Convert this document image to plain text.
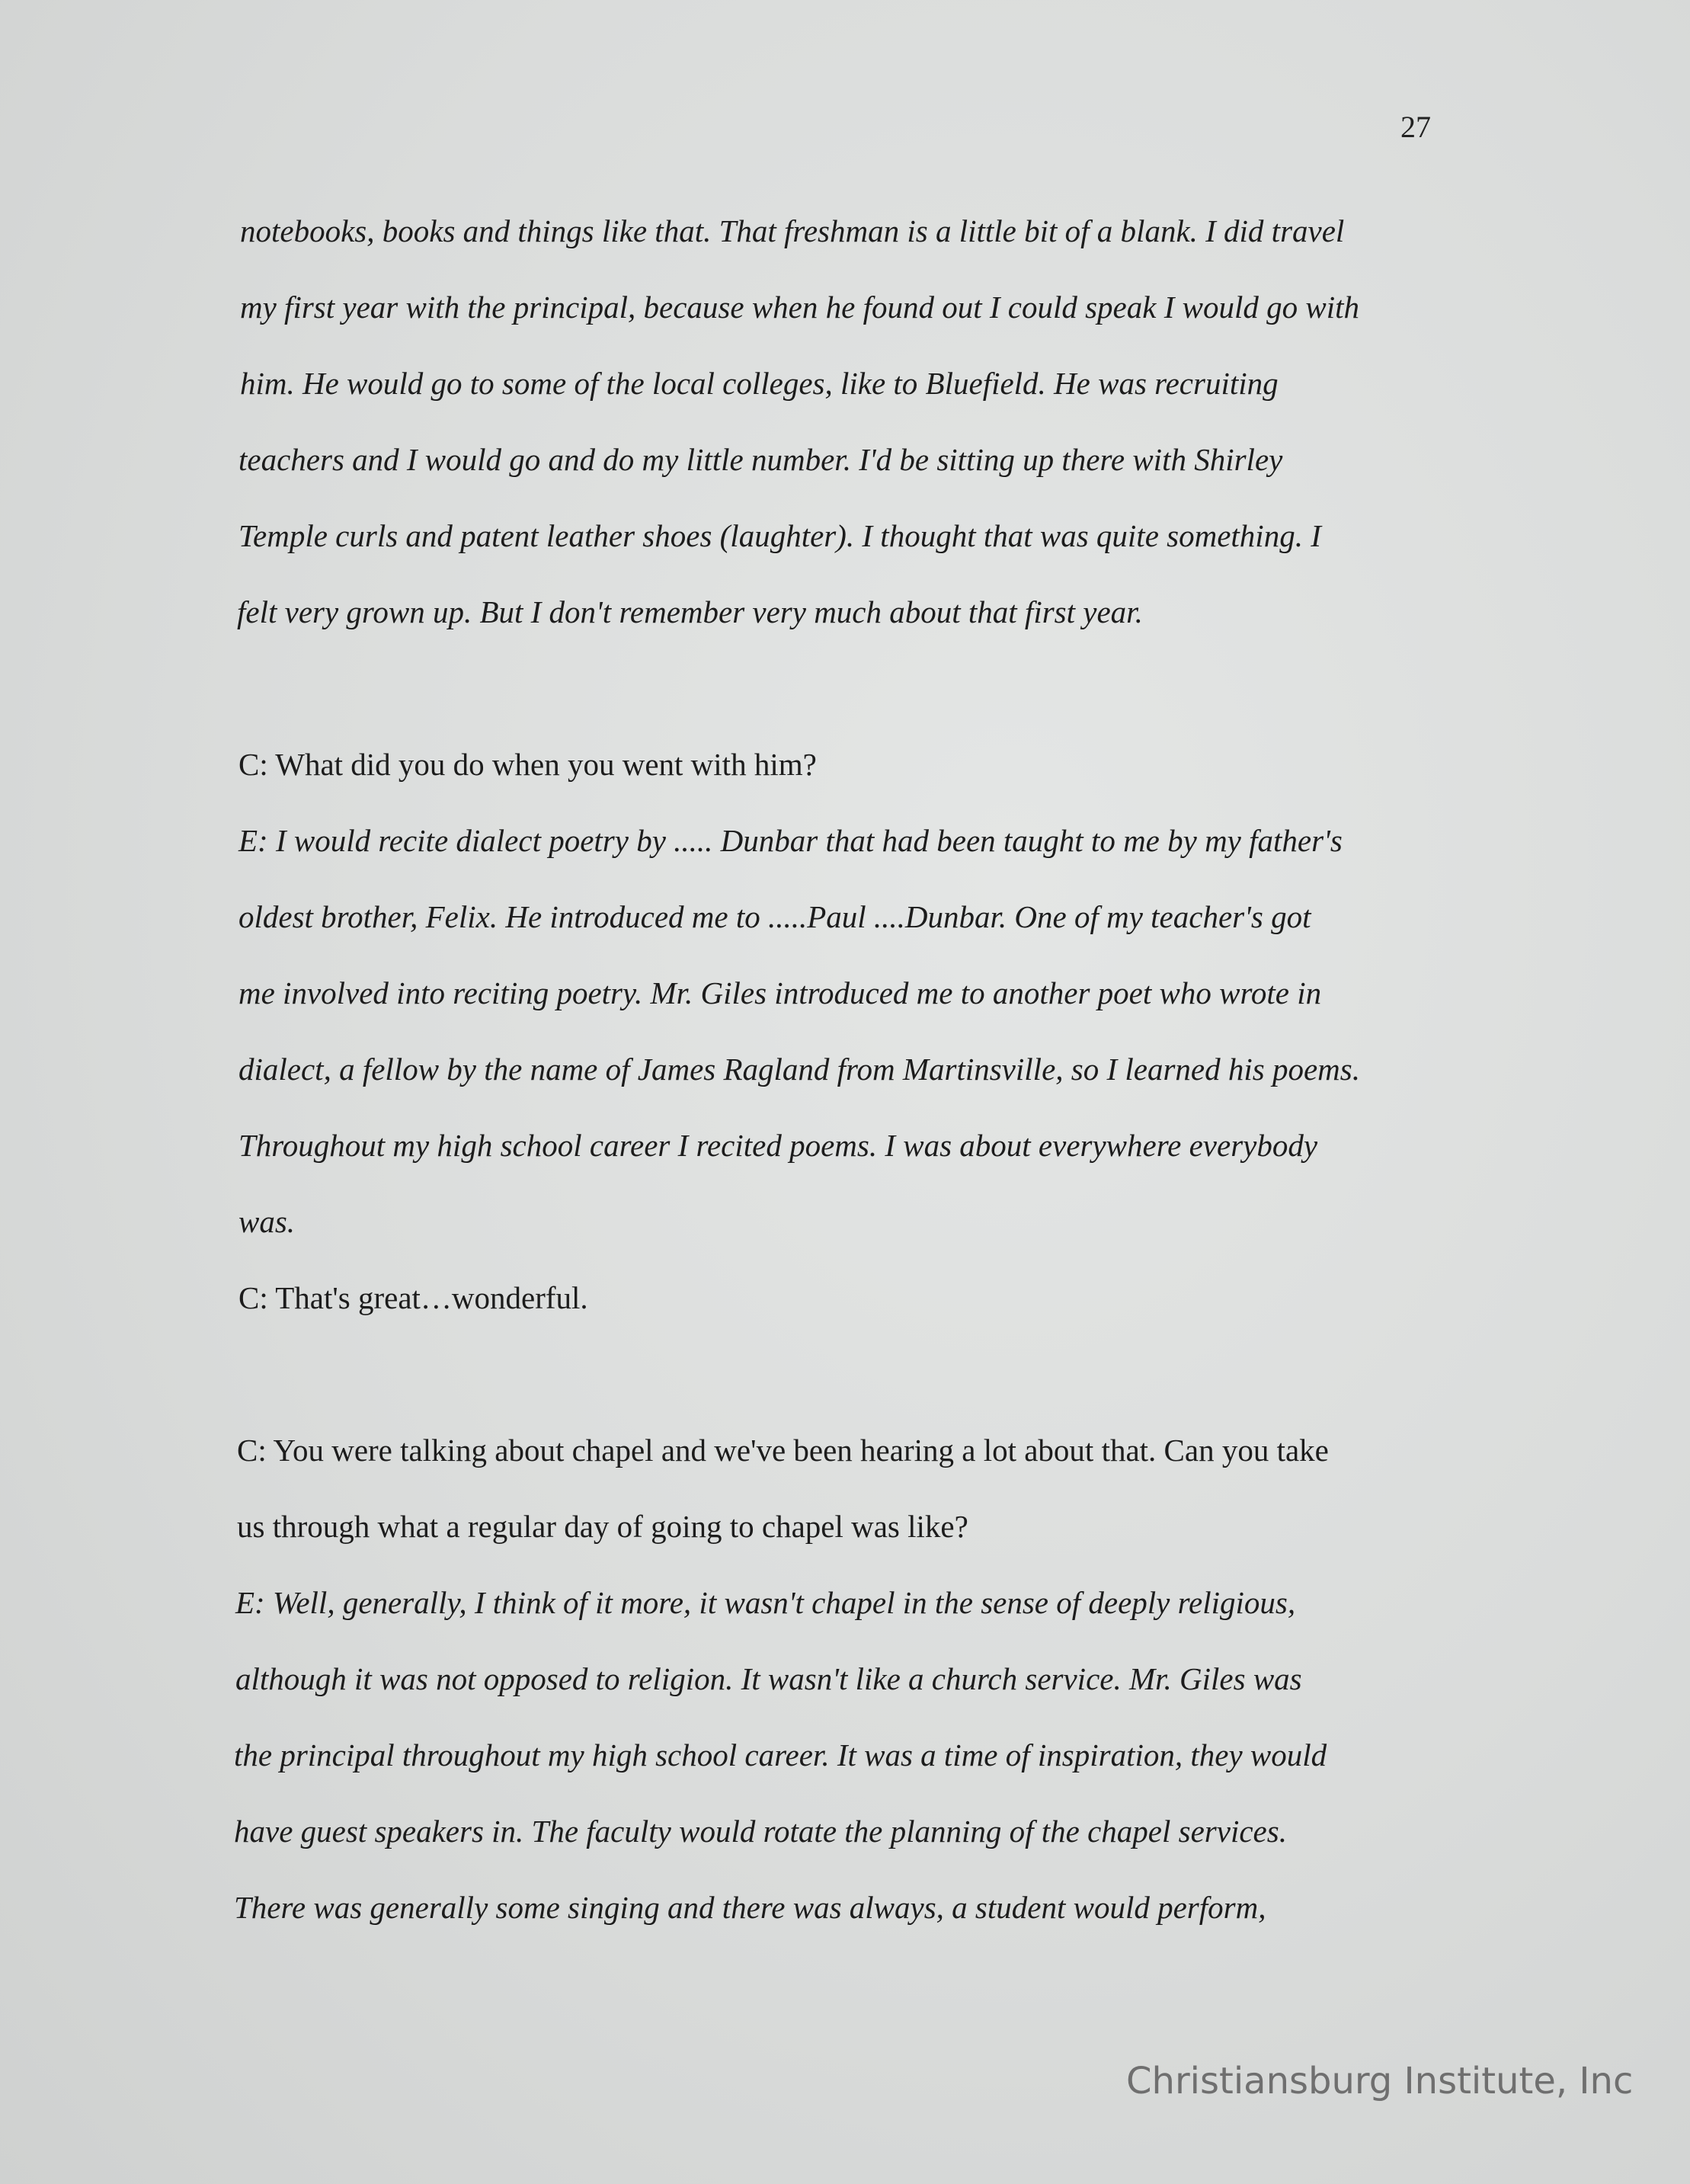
27
notebooks, books and things like that. That freshman is a little bit of a blank. I did travel
my first year with the principal, because when he found out I could speak I would go with
him. He would go to some of the local colleges, like to Bluefield. He was recruiting
teachers and I would go and do my little number. I'd be sitting up there with Shirley
Temple curls and patent leather shoes (laughter). I thought that was quite something. I
felt very grown up. But I don't remember very much about that first year.
C: What did you do when you went with him?
E: I would recite dialect poetry by ..... Dunbar that had been taught to me by my father's
oldest brother, Felix. He introduced me to .....Paul ....Dunbar. One of my teacher's got
me involved into reciting poetry. Mr. Giles introduced me to another poet who wrote in
dialect, a fellow by the name of James Ragland from Martinsville, so I learned his poems.
Throughout my high school career I recited poems. I was about everywhere everybody
was.
C: That's great…wonderful.
C: You were talking about chapel and we've been hearing a lot about that. Can you take
us through what a regular day of going to chapel was like?
E: Well, generally, I think of it more, it wasn't chapel in the sense of deeply religious,
although it was not opposed to religion. It wasn't like a church service. Mr. Giles was
the principal throughout my high school career. It was a time of inspiration, they would
have guest speakers in. The faculty would rotate the planning of the chapel services.
There was generally some singing and there was always, a student would perform,
Christiansburg Institute, Inc
